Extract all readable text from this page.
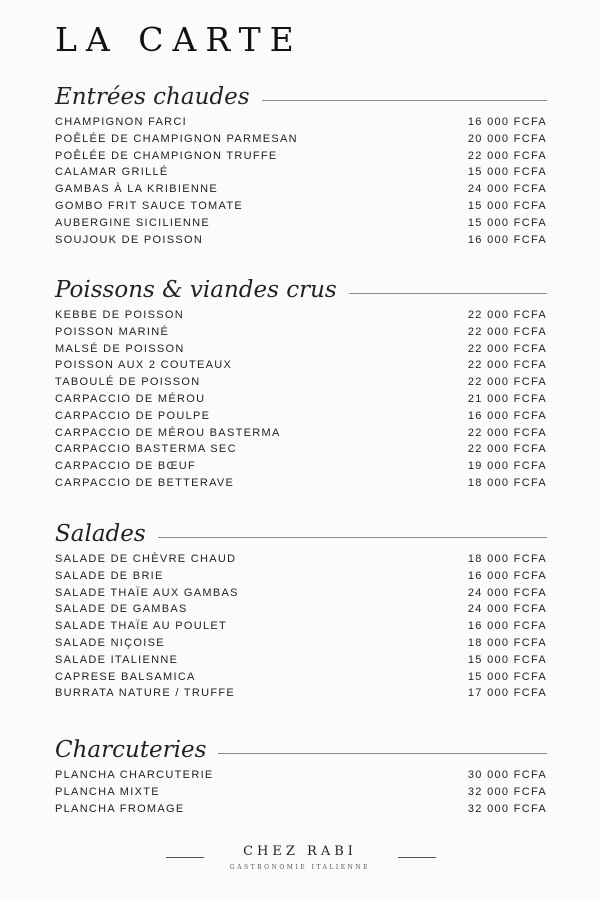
LA CARTE
Entrées chaudes
CHAMPIGNON FARCI	16 000 FCFA
POÊLÉE DE CHAMPIGNON PARMESAN	20 000 FCFA
POÊLÉE DE CHAMPIGNON TRUFFE	22 000 FCFA
CALAMAR GRILLÉ	15 000 FCFA
GAMBAS À LA KRIBIENNE	24 000 FCFA
GOMBO FRIT SAUCE TOMATE	15 000 FCFA
AUBERGINE SICILIENNE	15 000 FCFA
SOUJOUK DE POISSON	16 000 FCFA
Poissons & viandes crus
KEBBE DE POISSON	22 000 FCFA
POISSON MARINÉ	22 000 FCFA
MALSÉ DE POISSON	22 000 FCFA
POISSON AUX 2 COUTEAUX	22 000 FCFA
TABOULÉ DE POISSON	22 000 FCFA
CARPACCIO DE MÉROU	21 000 FCFA
CARPACCIO DE POULPE	16 000 FCFA
CARPACCIO DE MÉROU BASTERMA	22 000 FCFA
CARPACCIO BASTERMA SEC	22 000 FCFA
CARPACCIO DE BŒUF	19 000 FCFA
CARPACCIO DE BETTERAVE	18 000 FCFA
Salades
SALADE DE CHÈVRE CHAUD	18 000 FCFA
SALADE DE BRIE	16 000 FCFA
SALADE THAÏE AUX GAMBAS	24 000 FCFA
SALADE DE GAMBAS	24 000 FCFA
SALADE THAÏE AU POULET	16 000 FCFA
SALADE NIÇOISE	18 000 FCFA
SALADE ITALIENNE	15 000 FCFA
CAPRESE BALSAMICA	15 000 FCFA
BURRATA NATURE / TRUFFE	17 000 FCFA
Charcuteries
PLANCHA CHARCUTERIE	30 000 FCFA
PLANCHA MIXTE	32 000 FCFA
PLANCHA FROMAGE	32 000 FCFA
CHEZ RABI
GASTRONOMIE ITALIENNE
